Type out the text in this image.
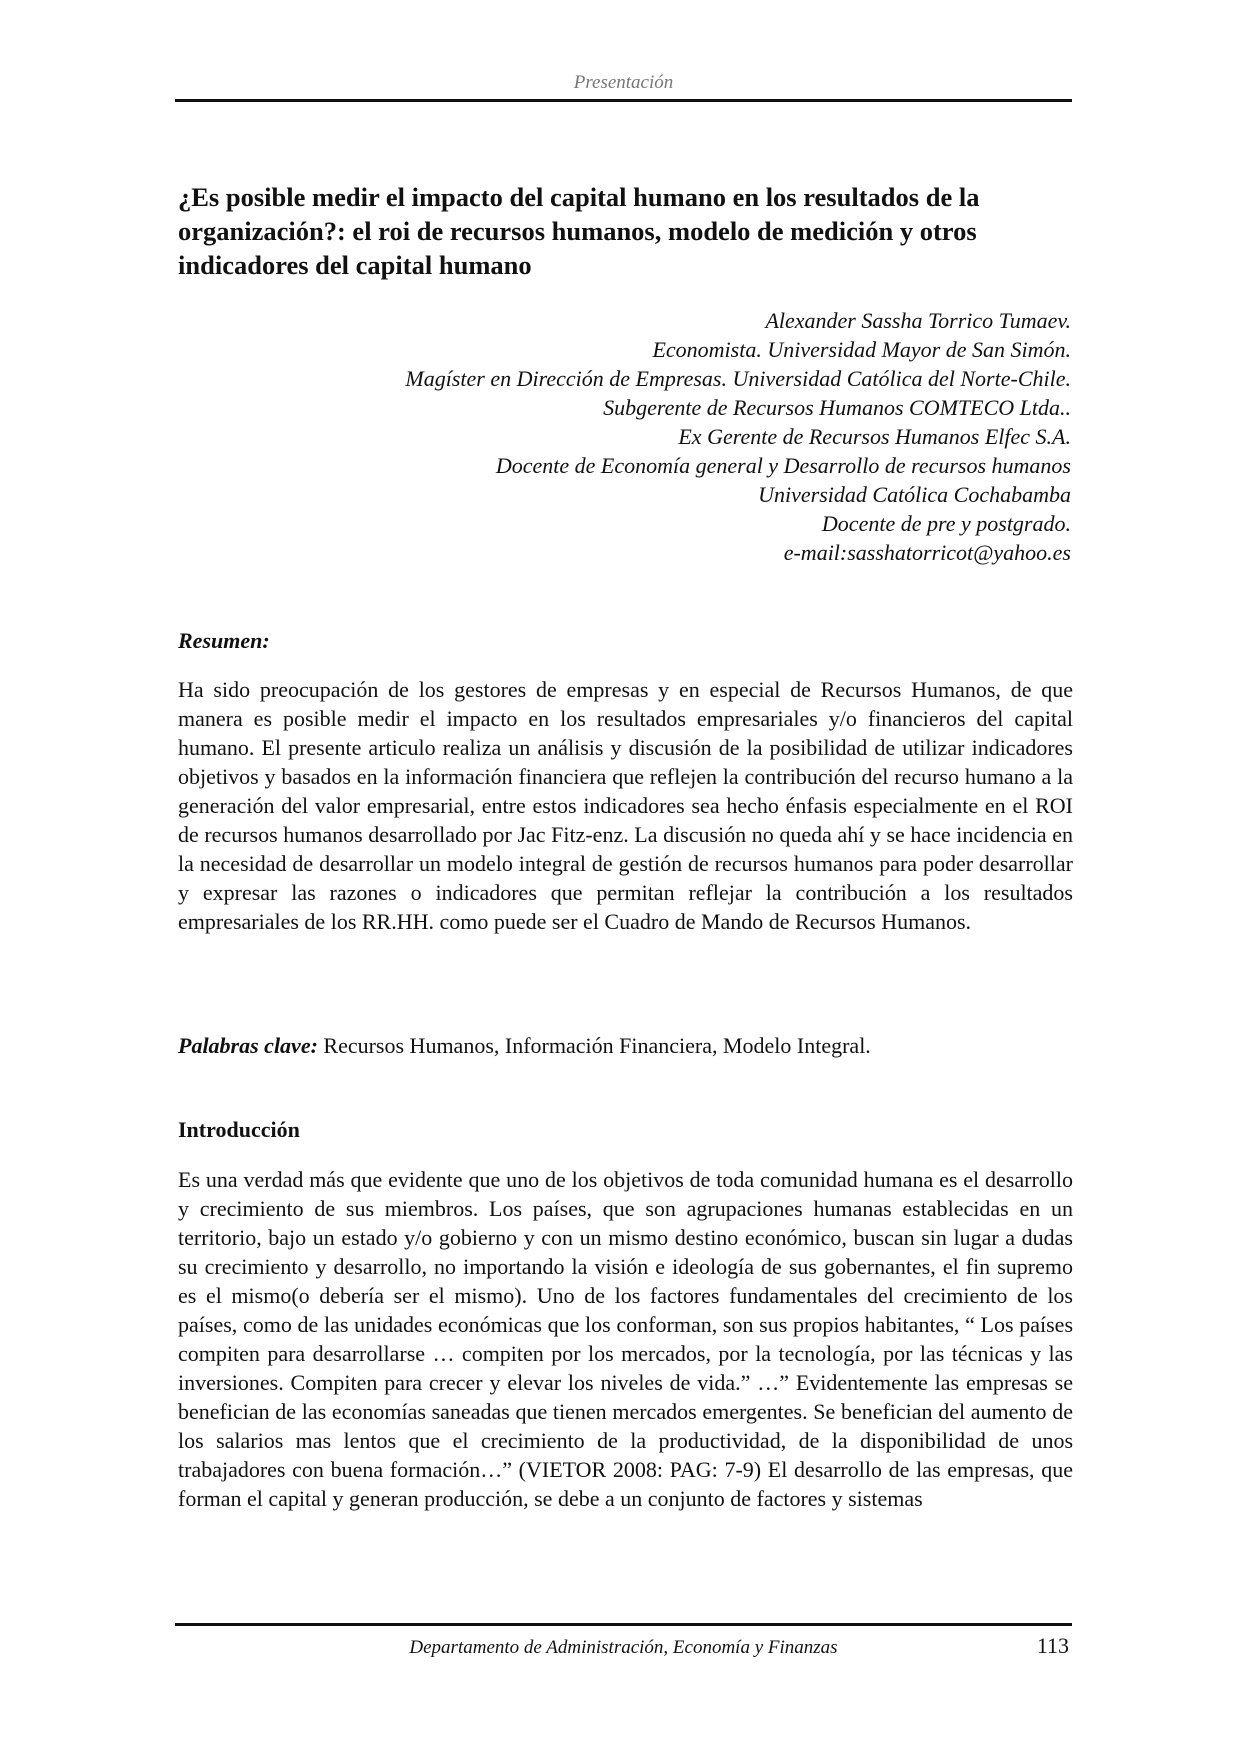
Presentación
¿Es posible medir el impacto del capital humano en los resultados de la organización?: el roi de recursos humanos, modelo de medición y otros indicadores del capital humano
Alexander Sassha Torrico Tumaev.
Economista. Universidad Mayor de San Simón.
Magíster en Dirección de Empresas. Universidad Católica del Norte-Chile.
Subgerente de Recursos Humanos COMTECO Ltda..
Ex Gerente de Recursos Humanos Elfec S.A.
Docente de Economía general y Desarrollo de recursos humanos
Universidad Católica Cochabamba
Docente de pre y postgrado.
e-mail:sasshatorricot@yahoo.es
Resumen:

Ha sido preocupación de los gestores de empresas y en especial de Recursos Humanos, de que manera es posible medir el impacto en los resultados empresariales y/o financieros del capital humano. El presente articulo realiza un análisis y discusión de la posibilidad de utilizar indicadores objetivos y basados en la información financiera que reflejen la contribución del recurso humano a la generación del valor empresarial, entre estos indicadores sea hecho énfasis especialmente en el ROI de recursos humanos desarrollado por Jac Fitz-enz. La discusión no queda ahí y se hace incidencia en la necesidad de desarrollar un modelo integral de gestión de recursos humanos para poder desarrollar y expresar las razones o indicadores que permitan reflejar la contribución a los resultados empresariales de los RR.HH. como puede ser el Cuadro de Mando de Recursos Humanos.

Palabras clave: Recursos Humanos, Información Financiera, Modelo Integral.

Introducción

Es una verdad más que evidente que uno de los objetivos de toda comunidad humana es el desarrollo y crecimiento de sus miembros. Los países, que son agrupaciones humanas establecidas en un territorio, bajo un estado y/o gobierno y con un mismo destino económico, buscan sin lugar a dudas su crecimiento y desarrollo, no importando la visión e ideología de sus gobernantes, el fin supremo es el mismo(o debería ser el mismo). Uno de los factores fundamentales del crecimiento de los países, como de las unidades económicas que los conforman, son sus propios habitantes, “ Los países compiten para desarrollarse … compiten por los mercados, por la tecnología, por las técnicas y las inversiones. Compiten para crecer y elevar los niveles de vida.” …” Evidentemente las empresas se benefician de las economías saneadas que tienen mercados emergentes. Se benefician del aumento de los salarios mas lentos que el crecimiento de la productividad, de la disponibilidad de unos trabajadores con buena formación…” (VIETOR 2008: PAG: 7-9) El desarrollo de las empresas, que forman el capital y generan producción, se debe a un conjunto de factores y sistemas

Departamento de Administración, Economía y Finanzas	113
